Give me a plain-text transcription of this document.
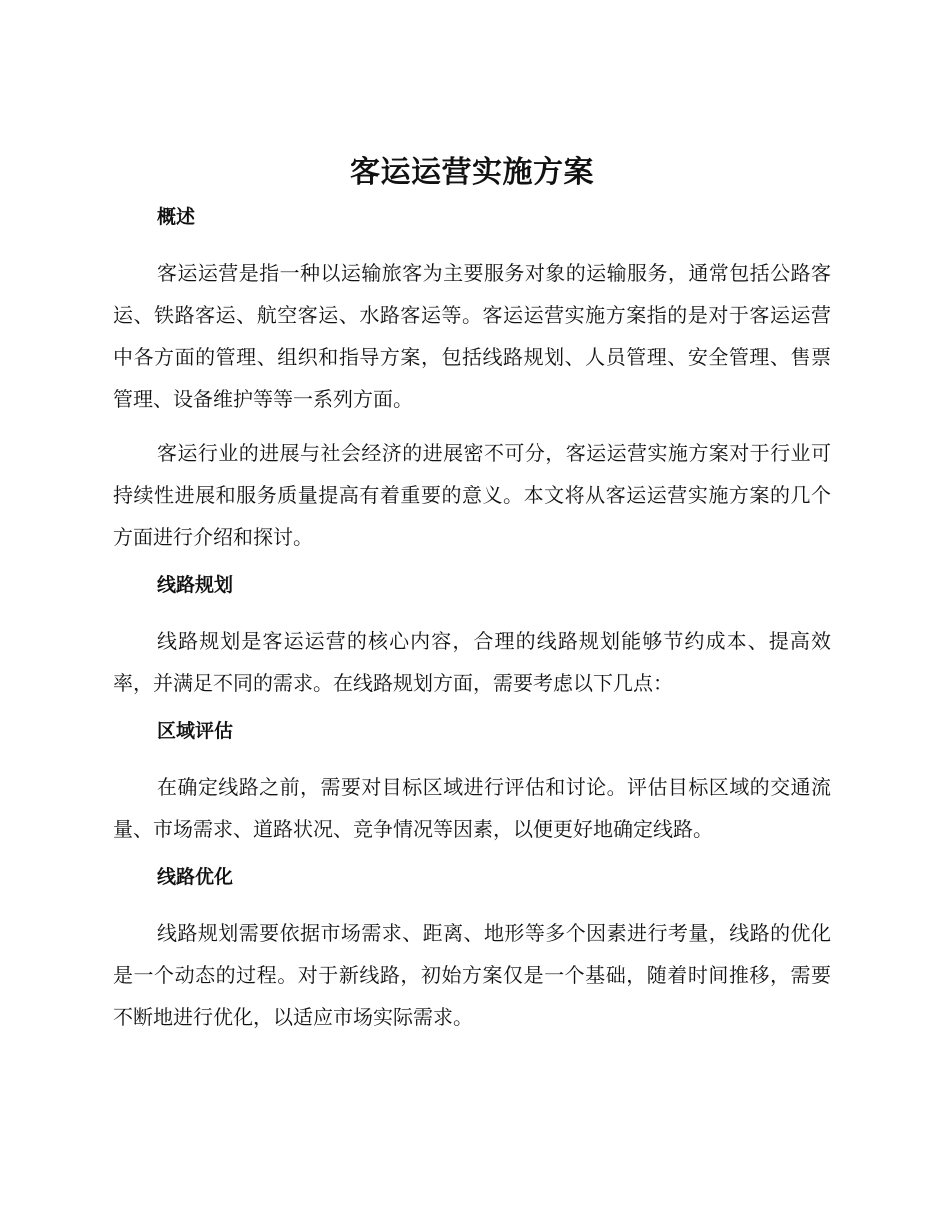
客运运营实施方案
概述
客运运营是指一种以运输旅客为主要服务对象的运输服务，通常包括公路客运、铁路客运、航空客运、水路客运等。客运运营实施方案指的是对于客运运营中各方面的管理、组织和指导方案，包括线路规划、人员管理、安全管理、售票管理、设备维护等等一系列方面。
客运行业的进展与社会经济的进展密不可分，客运运营实施方案对于行业可持续性进展和服务质量提高有着重要的意义。本文将从客运运营实施方案的几个方面进行介绍和探讨。
线路规划
线路规划是客运运营的核心内容，合理的线路规划能够节约成本、提高效率，并满足不同的需求。在线路规划方面，需要考虑以下几点：
区域评估
在确定线路之前，需要对目标区域进行评估和讨论。评估目标区域的交通流量、市场需求、道路状况、竞争情况等因素，以便更好地确定线路。
线路优化
线路规划需要依据市场需求、距离、地形等多个因素进行考量，线路的优化是一个动态的过程。对于新线路，初始方案仅是一个基础，随着时间推移，需要不断地进行优化，以适应市场实际需求。
